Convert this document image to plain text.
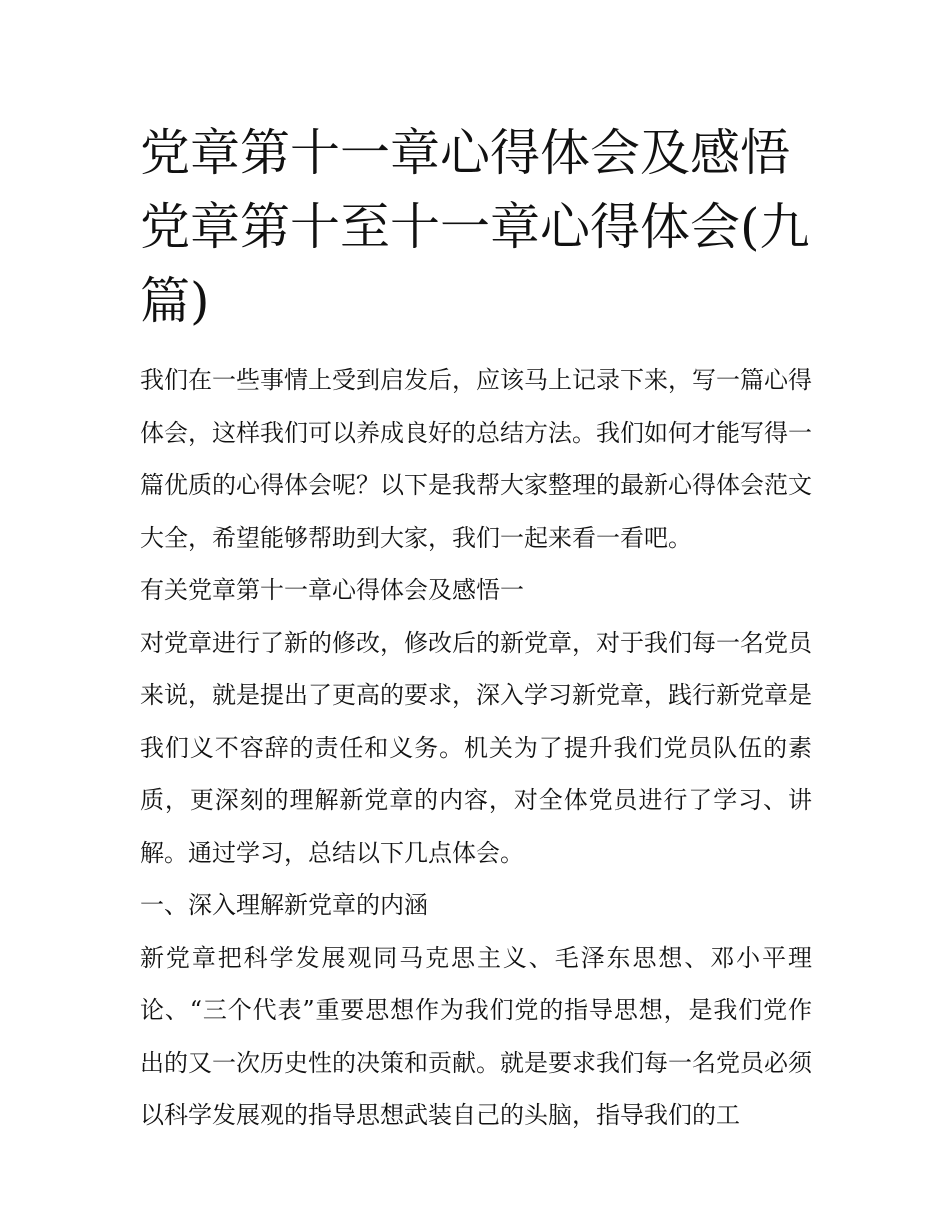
党章第十一章心得体会及感悟党章第十至十一章心得体会(九篇)

我们在一些事情上受到启发后，应该马上记录下来，写一篇心得体会，这样我们可以养成良好的总结方法。我们如何才能写得一篇优质的心得体会呢？以下是我帮大家整理的最新心得体会范文大全，希望能够帮助到大家，我们一起来看一看吧。

有关党章第十一章心得体会及感悟一

对党章进行了新的修改，修改后的新党章，对于我们每一名党员来说，就是提出了更高的要求，深入学习新党章，践行新党章是我们义不容辞的责任和义务。机关为了提升我们党员队伍的素质，更深刻的理解新党章的内容，对全体党员进行了学习、讲解。通过学习，总结以下几点体会。

一、深入理解新党章的内涵

新党章把科学发展观同马克思主义、毛泽东思想、邓小平理论、“三个代表”重要思想作为我们党的指导思想，是我们党作出的又一次历史性的决策和贡献。就是要求我们每一名党员必须以科学发展观的指导思想武装自己的头脑，指导我们的工
